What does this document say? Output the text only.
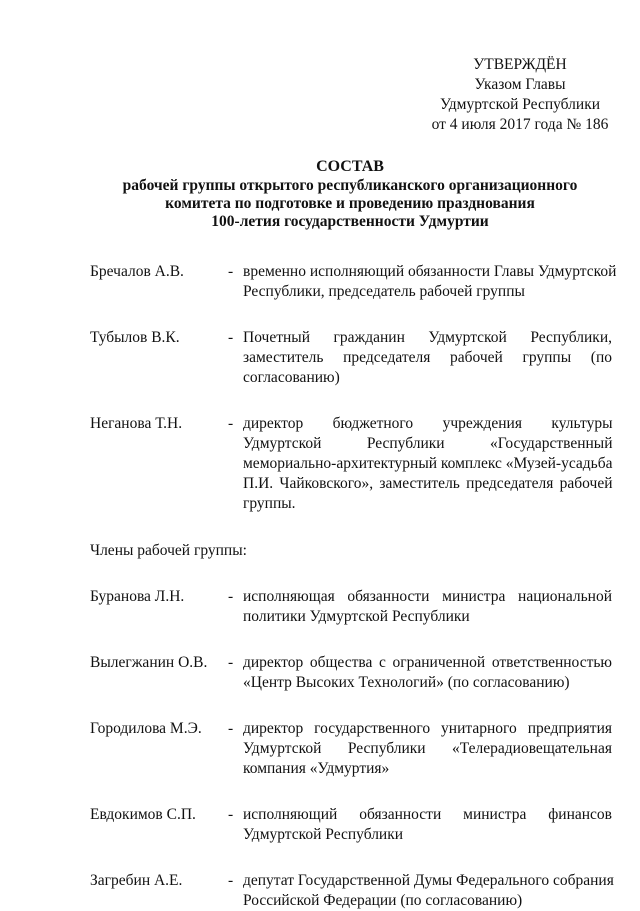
УТВЕРЖДЁН
Указом Главы
Удмуртской Республики
от 4 июля 2017 года № 186
СОСТАВ
рабочей группы открытого республиканского организационного
комитета по подготовке и проведению празднования
100-летия государственности Удмуртии
Бречалов А.В.	- временно исполняющий обязанности Главы Удмуртской
Республики, председатель рабочей группы
Тубылов В.К.	- Почетный гражданин Удмуртской Республики,
заместитель председателя рабочей группы (по
согласованию)
Неганова Т.Н.	- директор бюджетного учреждения культуры
Удмуртской Республики «Государственный
мемориально-архитектурный комплекс «Музей-усадьба
П.И. Чайковского», заместитель председателя рабочей
группы.
Члены рабочей группы:
Буранова Л.Н.	- исполняющая обязанности министра национальной
политики Удмуртской Республики
Вылегжанин О.В.	- директор общества с ограниченной ответственностью
«Центр Высоких Технологий» (по согласованию)
Городилова М.Э.	- директор государственного унитарного предприятия
Удмуртской Республики «Телерадиовещательная
компания «Удмуртия»
Евдокимов С.П.	- исполняющий обязанности министра финансов
Удмуртской Республики
Загребин А.Е.	- депутат Государственной Думы Федерального собрания
Российской Федерации (по согласованию)
